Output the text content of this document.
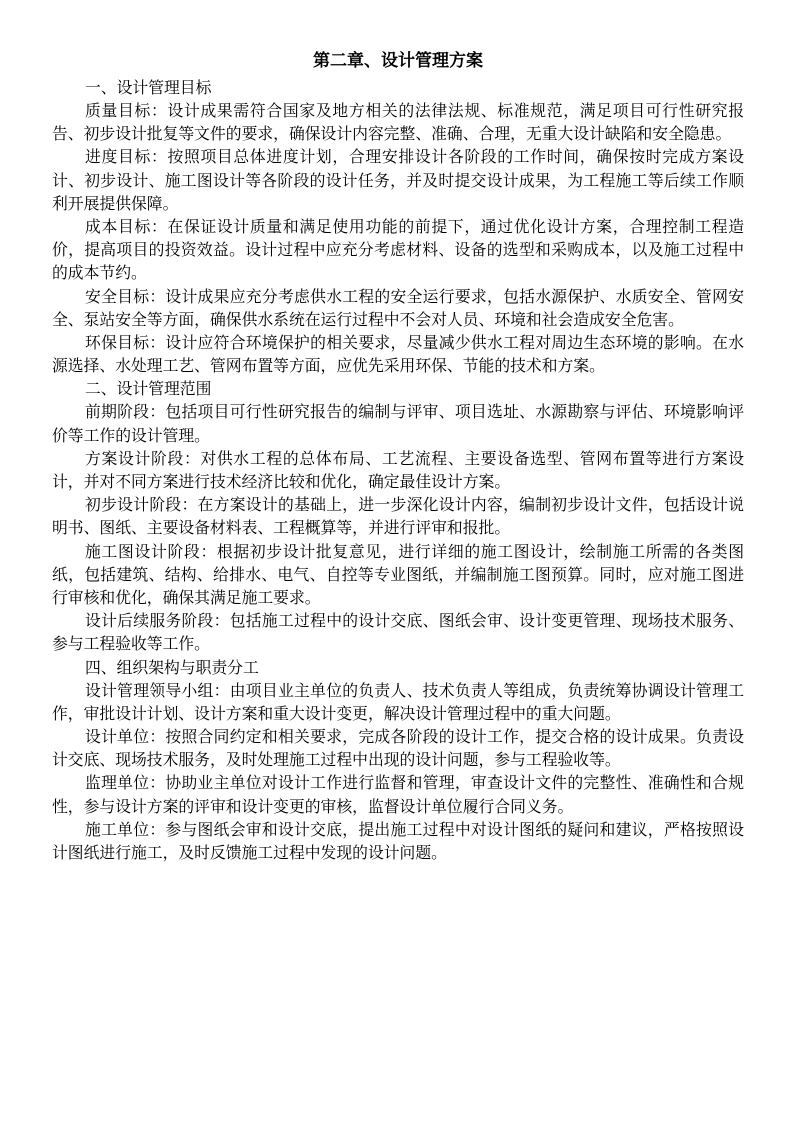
第二章、设计管理方案

一、设计管理目标

质量目标：设计成果需符合国家及地方相关的法律法规、标准规范，满足项目可行性研究报告、初步设计批复等文件的要求，确保设计内容完整、准确、合理，无重大设计缺陷和安全隐患。

进度目标：按照项目总体进度计划，合理安排设计各阶段的工作时间，确保按时完成方案设计、初步设计、施工图设计等各阶段的设计任务，并及时提交设计成果，为工程施工等后续工作顺利开展提供保障。

成本目标：在保证设计质量和满足使用功能的前提下，通过优化设计方案，合理控制工程造价，提高项目的投资效益。设计过程中应充分考虑材料、设备的选型和采购成本，以及施工过程中的成本节约。

安全目标：设计成果应充分考虑供水工程的安全运行要求，包括水源保护、水质安全、管网安全、泵站安全等方面，确保供水系统在运行过程中不会对人员、环境和社会造成安全危害。

环保目标：设计应符合环境保护的相关要求，尽量减少供水工程对周边生态环境的影响。在水源选择、水处理工艺、管网布置等方面，应优先采用环保、节能的技术和方案。

二、设计管理范围

前期阶段：包括项目可行性研究报告的编制与评审、项目选址、水源勘察与评估、环境影响评价等工作的设计管理。

方案设计阶段：对供水工程的总体布局、工艺流程、主要设备选型、管网布置等进行方案设计，并对不同方案进行技术经济比较和优化，确定最佳设计方案。

初步设计阶段：在方案设计的基础上，进一步深化设计内容，编制初步设计文件，包括设计说明书、图纸、主要设备材料表、工程概算等，并进行评审和报批。

施工图设计阶段：根据初步设计批复意见，进行详细的施工图设计，绘制施工所需的各类图纸，包括建筑、结构、给排水、电气、自控等专业图纸，并编制施工图预算。同时，应对施工图进行审核和优化，确保其满足施工要求。

设计后续服务阶段：包括施工过程中的设计交底、图纸会审、设计变更管理、现场技术服务、参与工程验收等工作。

四、组织架构与职责分工

设计管理领导小组：由项目业主单位的负责人、技术负责人等组成，负责统筹协调设计管理工作，审批设计计划、设计方案和重大设计变更，解决设计管理过程中的重大问题。

设计单位：按照合同约定和相关要求，完成各阶段的设计工作，提交合格的设计成果。负责设计交底、现场技术服务，及时处理施工过程中出现的设计问题，参与工程验收等。

监理单位：协助业主单位对设计工作进行监督和管理，审查设计文件的完整性、准确性和合规性，参与设计方案的评审和设计变更的审核，监督设计单位履行合同义务。

施工单位：参与图纸会审和设计交底，提出施工过程中对设计图纸的疑问和建议，严格按照设计图纸进行施工，及时反馈施工过程中发现的设计问题。
